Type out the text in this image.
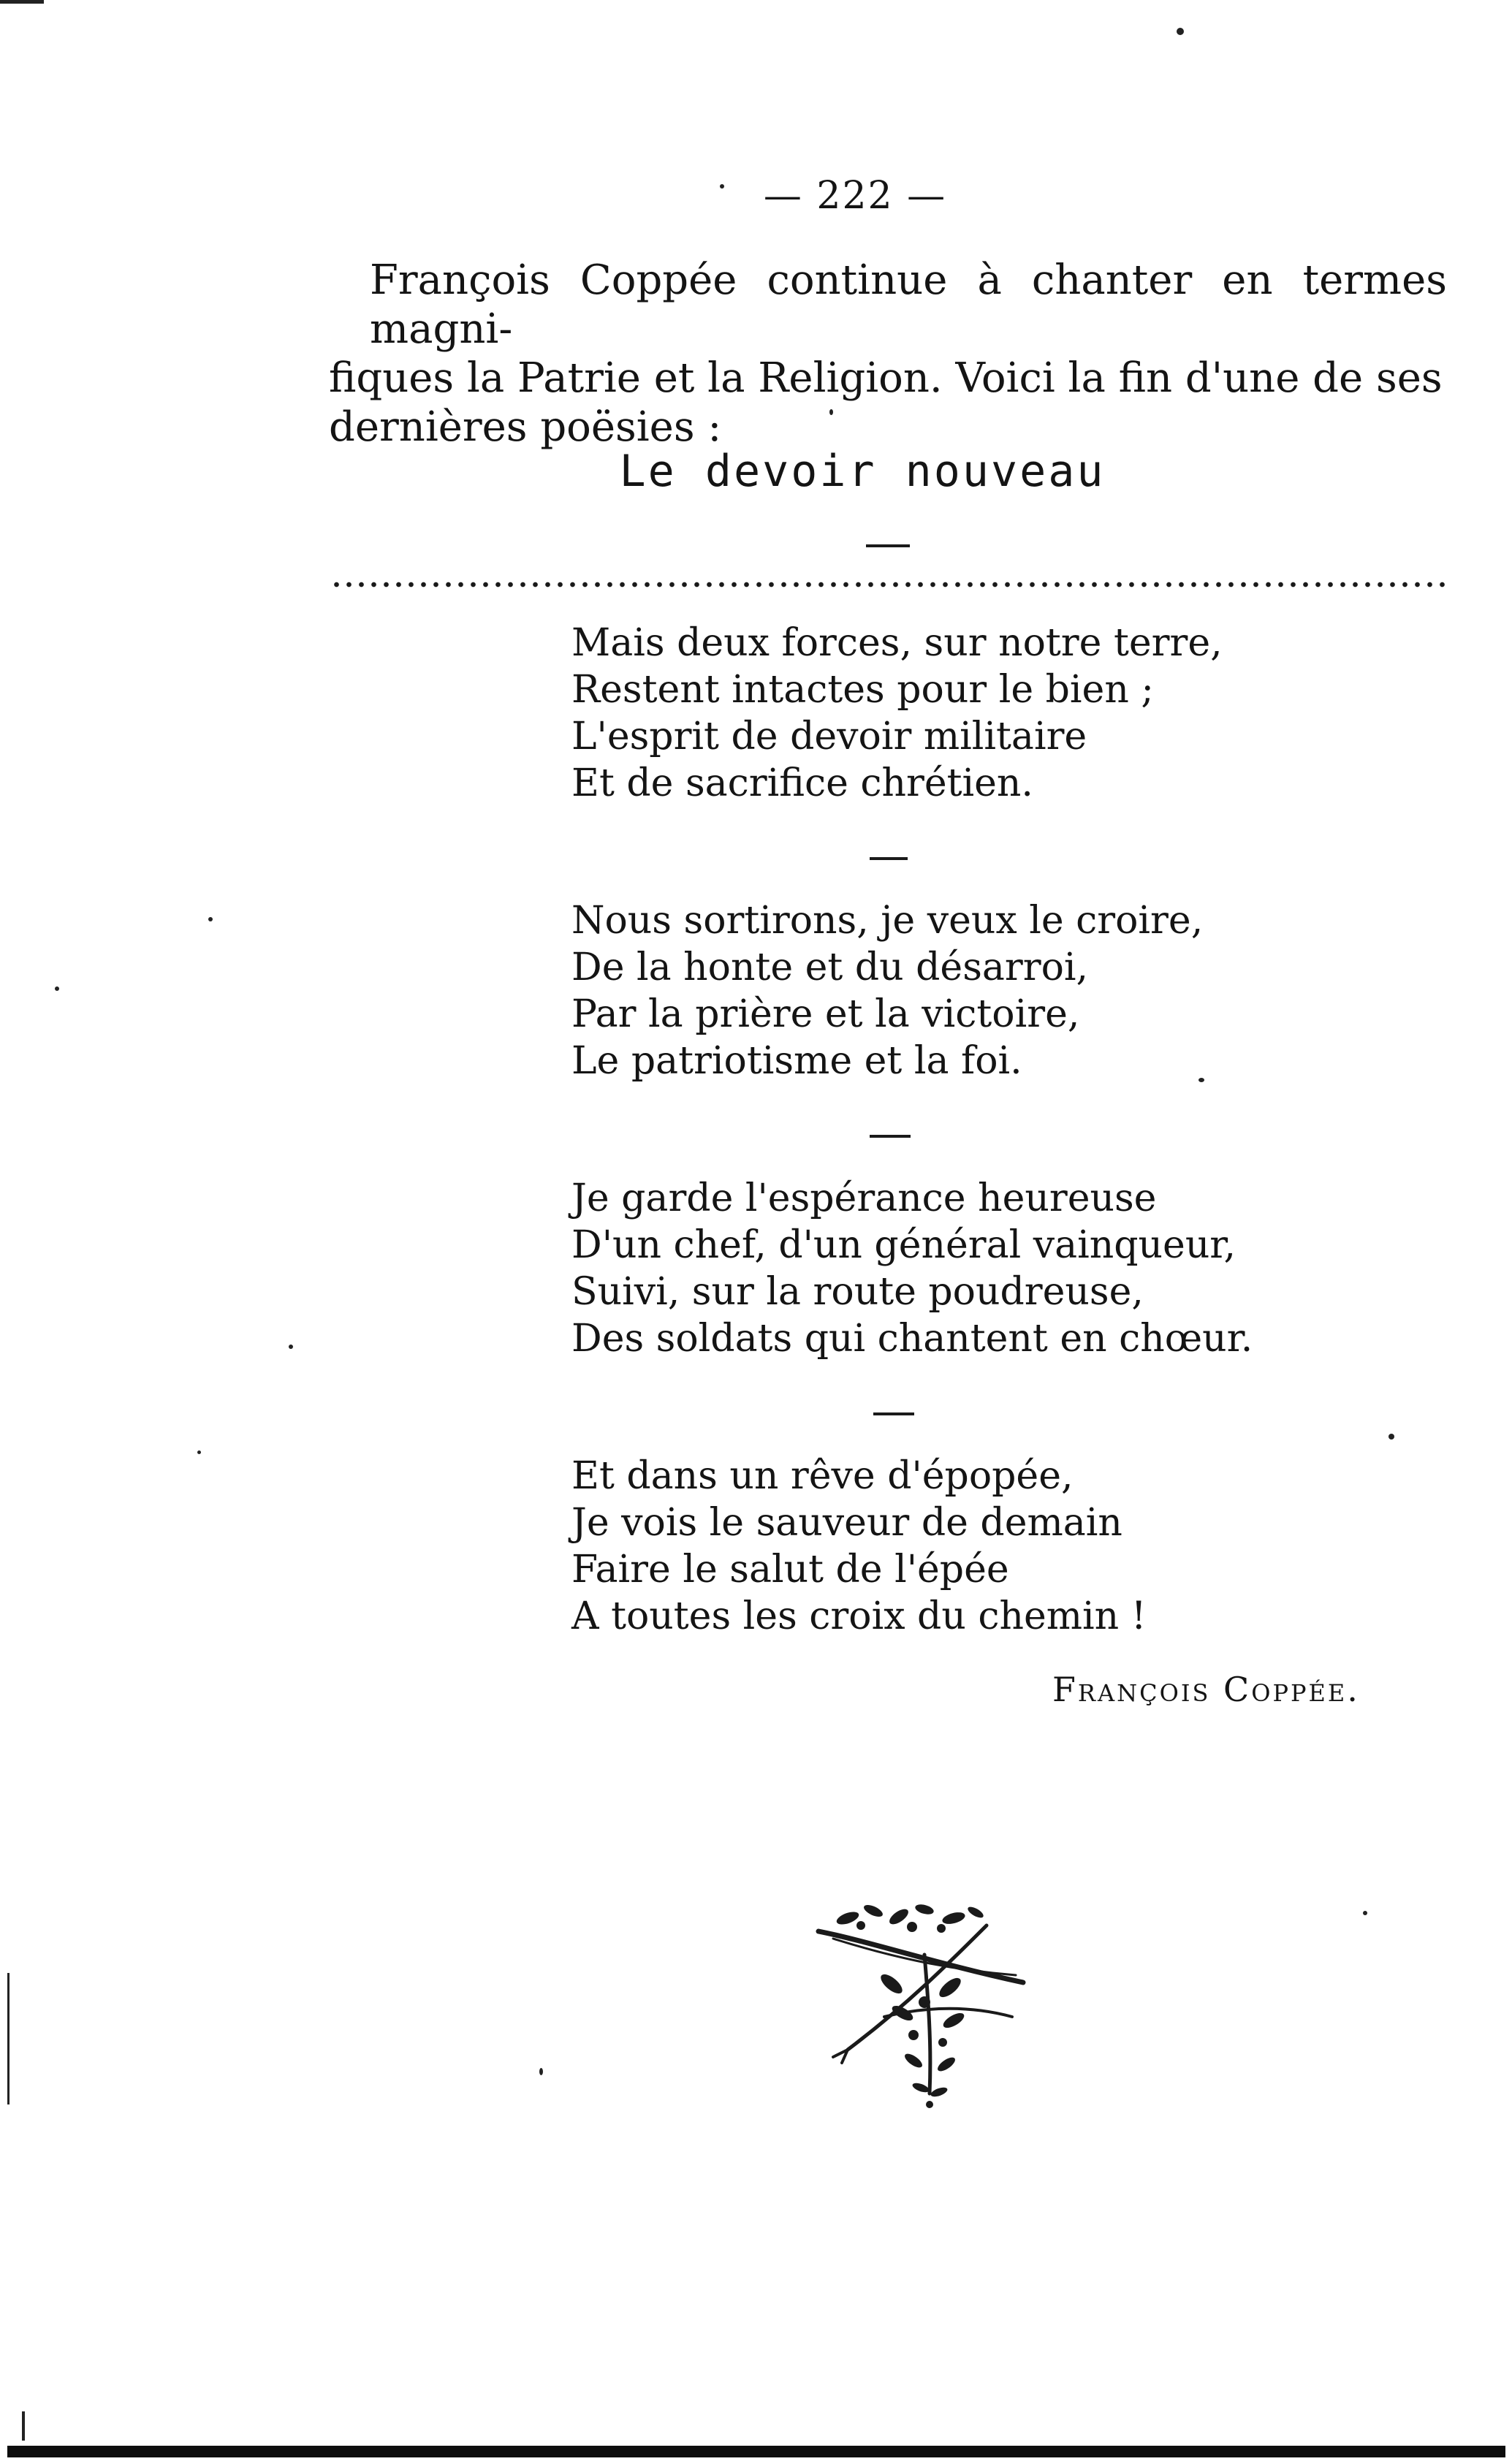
— 222 —
François Coppée continue à chanter en termes magni-
fiques la Patrie et la Religion. Voici la fin d'une de ses
dernières poësies :
Le devoir nouveau
Mais deux forces, sur notre terre,
Restent intactes pour le bien ;
L'esprit de devoir militaire
Et de sacrifice chrétien.
Nous sortirons, je veux le croire,
De la honte et du désarroi,
Par la prière et la victoire,
Le patriotisme et la foi.
Je garde l'espérance heureuse
D'un chef, d'un général vainqueur,
Suivi, sur la route poudreuse,
Des soldats qui chantent en chœur.
Et dans un rêve d'épopée,
Je vois le sauveur de demain
Faire le salut de l'épée
A toutes les croix du chemin !
François Coppée.
